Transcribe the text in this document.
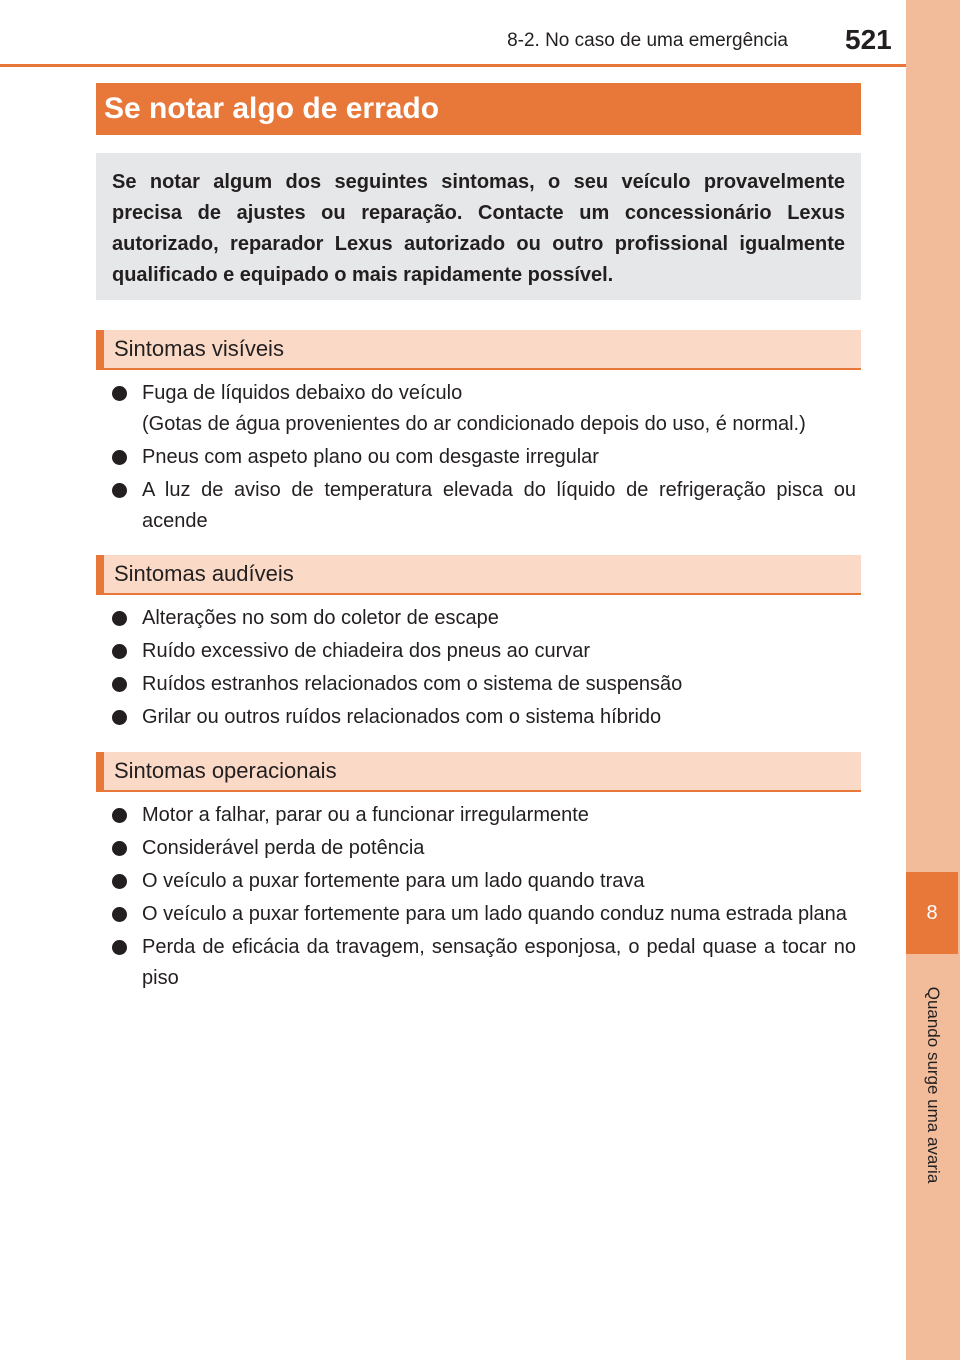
8-2. No caso de uma emergência 521
8
Quando surge uma avaria
Se notar algo de errado
Se notar algum dos seguintes sintomas, o seu veículo provavelmente precisa de ajustes ou reparação. Contacte um concessionário Lexus autorizado, reparador Lexus autorizado ou outro profissional igualmente qualificado e equipado o mais rapidamente possível.
Sintomas visíveis
Fuga de líquidos debaixo do veículo
(Gotas de água provenientes do ar condicionado depois do uso, é normal.)
Pneus com aspeto plano ou com desgaste irregular
A luz de aviso de temperatura elevada do líquido de refrigeração pisca ou acende
Sintomas audíveis
Alterações no som do coletor de escape
Ruído excessivo de chiadeira dos pneus ao curvar
Ruídos estranhos relacionados com o sistema de suspensão
Grilar ou outros ruídos relacionados com o sistema híbrido
Sintomas operacionais
Motor a falhar, parar ou a funcionar irregularmente
Considerável perda de potência
O veículo a puxar fortemente para um lado quando trava
O veículo a puxar fortemente para um lado quando conduz numa estrada plana
Perda de eficácia da travagem, sensação esponjosa, o pedal quase a tocar no piso
